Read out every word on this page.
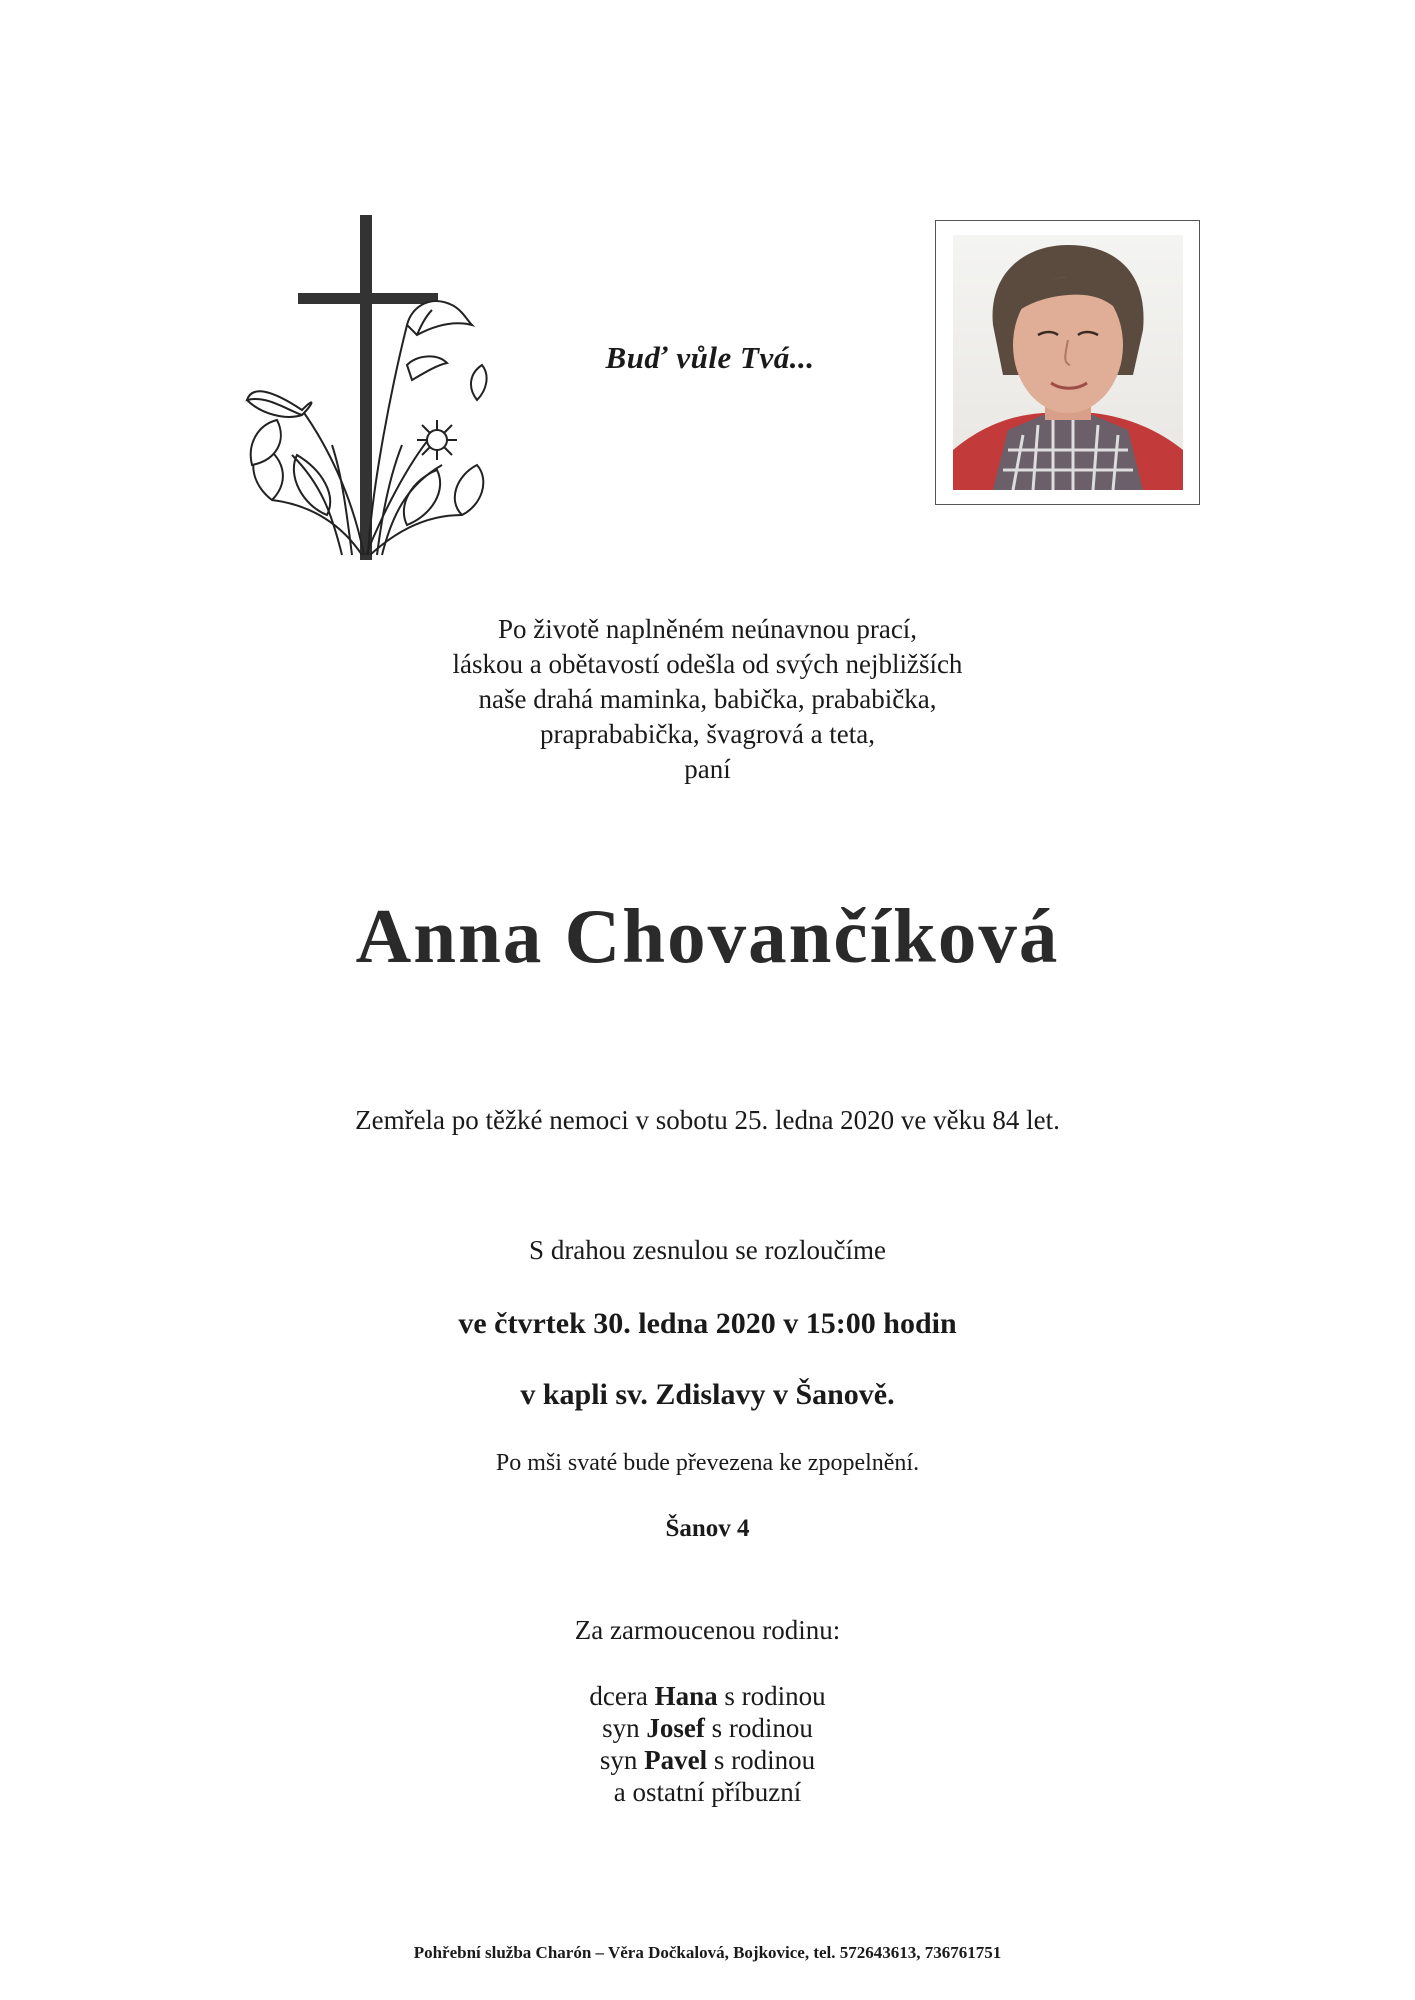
Buď vůle Tvá...
Po životě naplněném neúnavnou prací,
láskou a obětavostí odešla od svých nejbližších
naše drahá maminka, babička, prababička,
praprababička, švagrová a teta,
paní
Anna Chovančíková
Zemřela po těžké nemoci v sobotu 25. ledna 2020 ve věku 84 let.
S drahou zesnulou se rozloučíme
ve čtvrtek 30. ledna 2020 v 15:00 hodin
v kapli sv. Zdislavy v Šanově.
Po mši svaté bude převezena ke zpopelnění.
Šanov 4
Za zarmoucenou rodinu:
dcera Hana s rodinou
syn Josef s rodinou
syn Pavel s rodinou
a ostatní příbuzní
Pohřební služba Charón – Věra Dočkalová, Bojkovice, tel. 572643613, 736761751
